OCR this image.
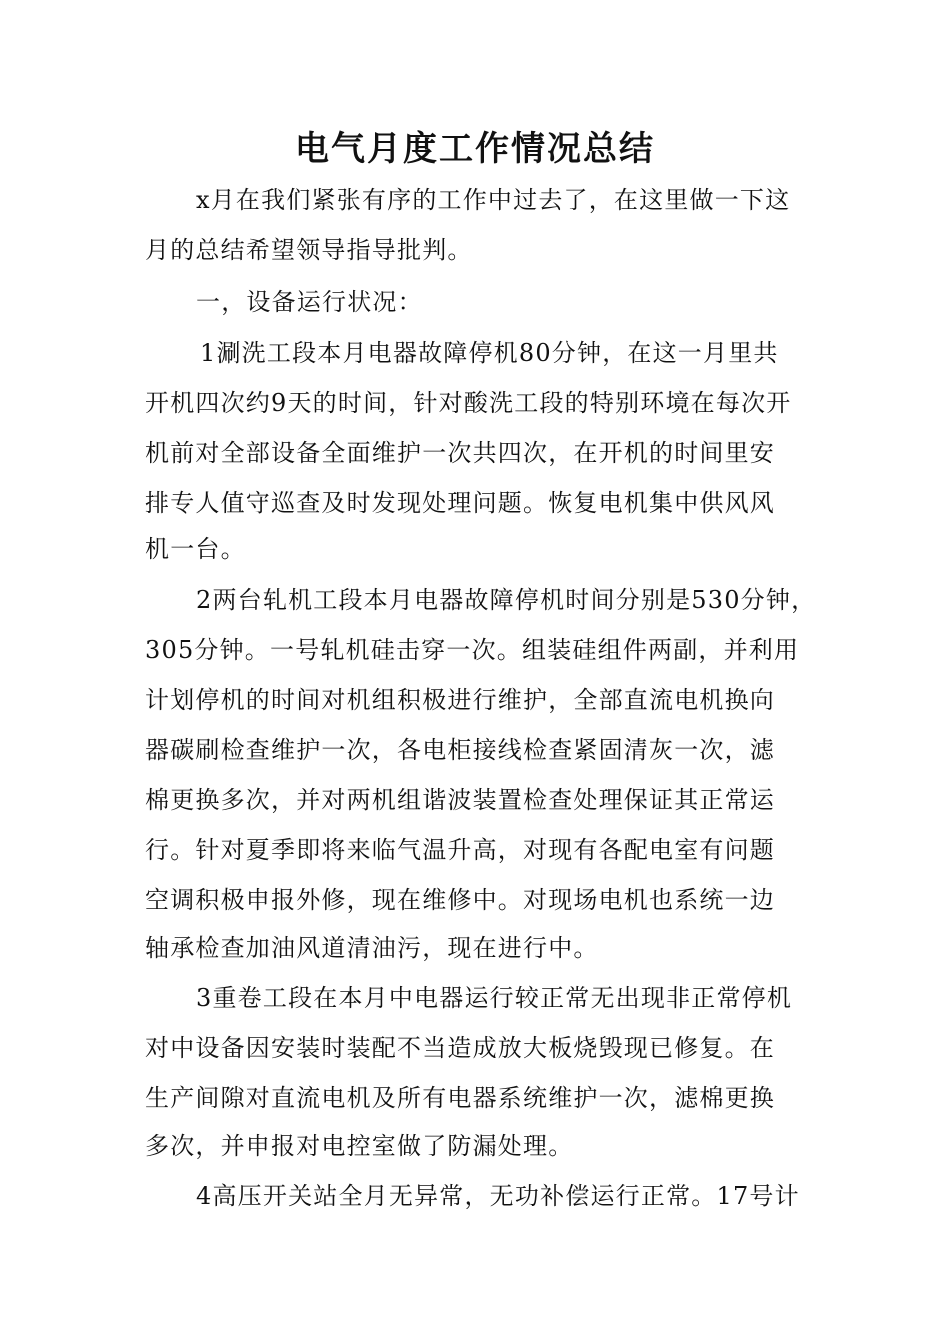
电气月度工作情况总结
x月在我们紧张有序的工作中过去了，在这里做一下这
月的总结希望领导指导批判。
一，设备运行状况：
1涮洗工段本月电器故障停机80分钟，在这一月里共
开机四次约9天的时间，针对酸洗工段的特别环境在每次开
机前对全部设备全面维护一次共四次，在开机的时间里安
排专人值守巡查及时发现处理问题。恢复电机集中供风风
机一台。
2两台轧机工段本月电器故障停机时间分别是530分钟，
305分钟。一号轧机硅击穿一次。组装硅组件两副，并利用
计划停机的时间对机组积极进行维护，全部直流电机换向
器碳刷检查维护一次，各电柜接线检查紧固清灰一次，滤
棉更换多次，并对两机组谐波装置检查处理保证其正常运
行。针对夏季即将来临气温升高，对现有各配电室有问题
空调积极申报外修，现在维修中。对现场电机也系统一边
轴承检查加油风道清油污，现在进行中。
3重卷工段在本月中电器运行较正常无出现非正常停机
对中设备因安装时装配不当造成放大板烧毁现已修复。在
生产间隙对直流电机及所有电器系统维护一次，滤棉更换
多次，并申报对电控室做了防漏处理。
4高压开关站全月无异常，无功补偿运行正常。17号计
